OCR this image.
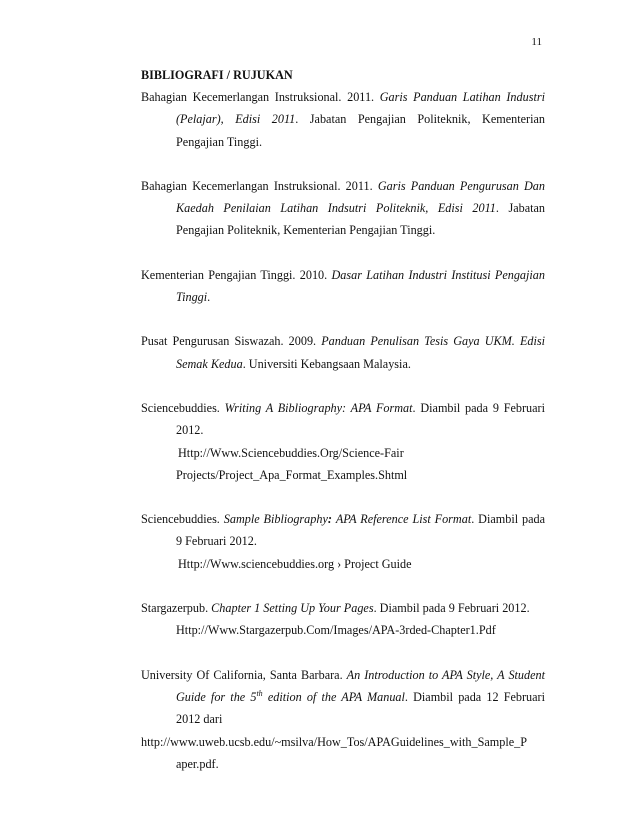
11
BIBLIOGRAFI / RUJUKAN

Bahagian Kecemerlangan Instruksional. 2011. Garis Panduan Latihan Industri (Pelajar), Edisi 2011. Jabatan Pengajian Politeknik, Kementerian Pengajian Tinggi.

Bahagian Kecemerlangan Instruksional. 2011. Garis Panduan Pengurusan Dan Kaedah Penilaian Latihan Indsutri Politeknik, Edisi 2011. Jabatan Pengajian Politeknik, Kementerian Pengajian Tinggi.

Kementerian Pengajian Tinggi. 2010. Dasar Latihan Industri Institusi Pengajian Tinggi.

Pusat Pengurusan Siswazah. 2009. Panduan Penulisan Tesis Gaya UKM. Edisi Semak Kedua. Universiti Kebangsaan Malaysia.

Sciencebuddies. Writing A Bibliography: APA Format. Diambil pada 9 Februari 2012.
Http://Www.Sciencebuddies.Org/Science-Fair
Projects/Project_Apa_Format_Examples.Shtml

Sciencebuddies. Sample Bibliography: APA Reference List Format. Diambil pada 9 Februari 2012.
Http://Www.sciencebuddies.org › Project Guide

Stargazerpub. Chapter 1 Setting Up Your Pages. Diambil pada 9 Februari 2012.
Http://Www.Stargazerpub.Com/Images/APA-3rded-Chapter1.Pdf

University Of California, Santa Barbara. An Introduction to APA Style, A Student Guide for the 5th edition of the APA Manual. Diambil pada 12 Februari 2012 dari
http://www.uweb.ucsb.edu/~msilva/How_Tos/APAGuidelines_with_Sample_P
aper.pdf.
